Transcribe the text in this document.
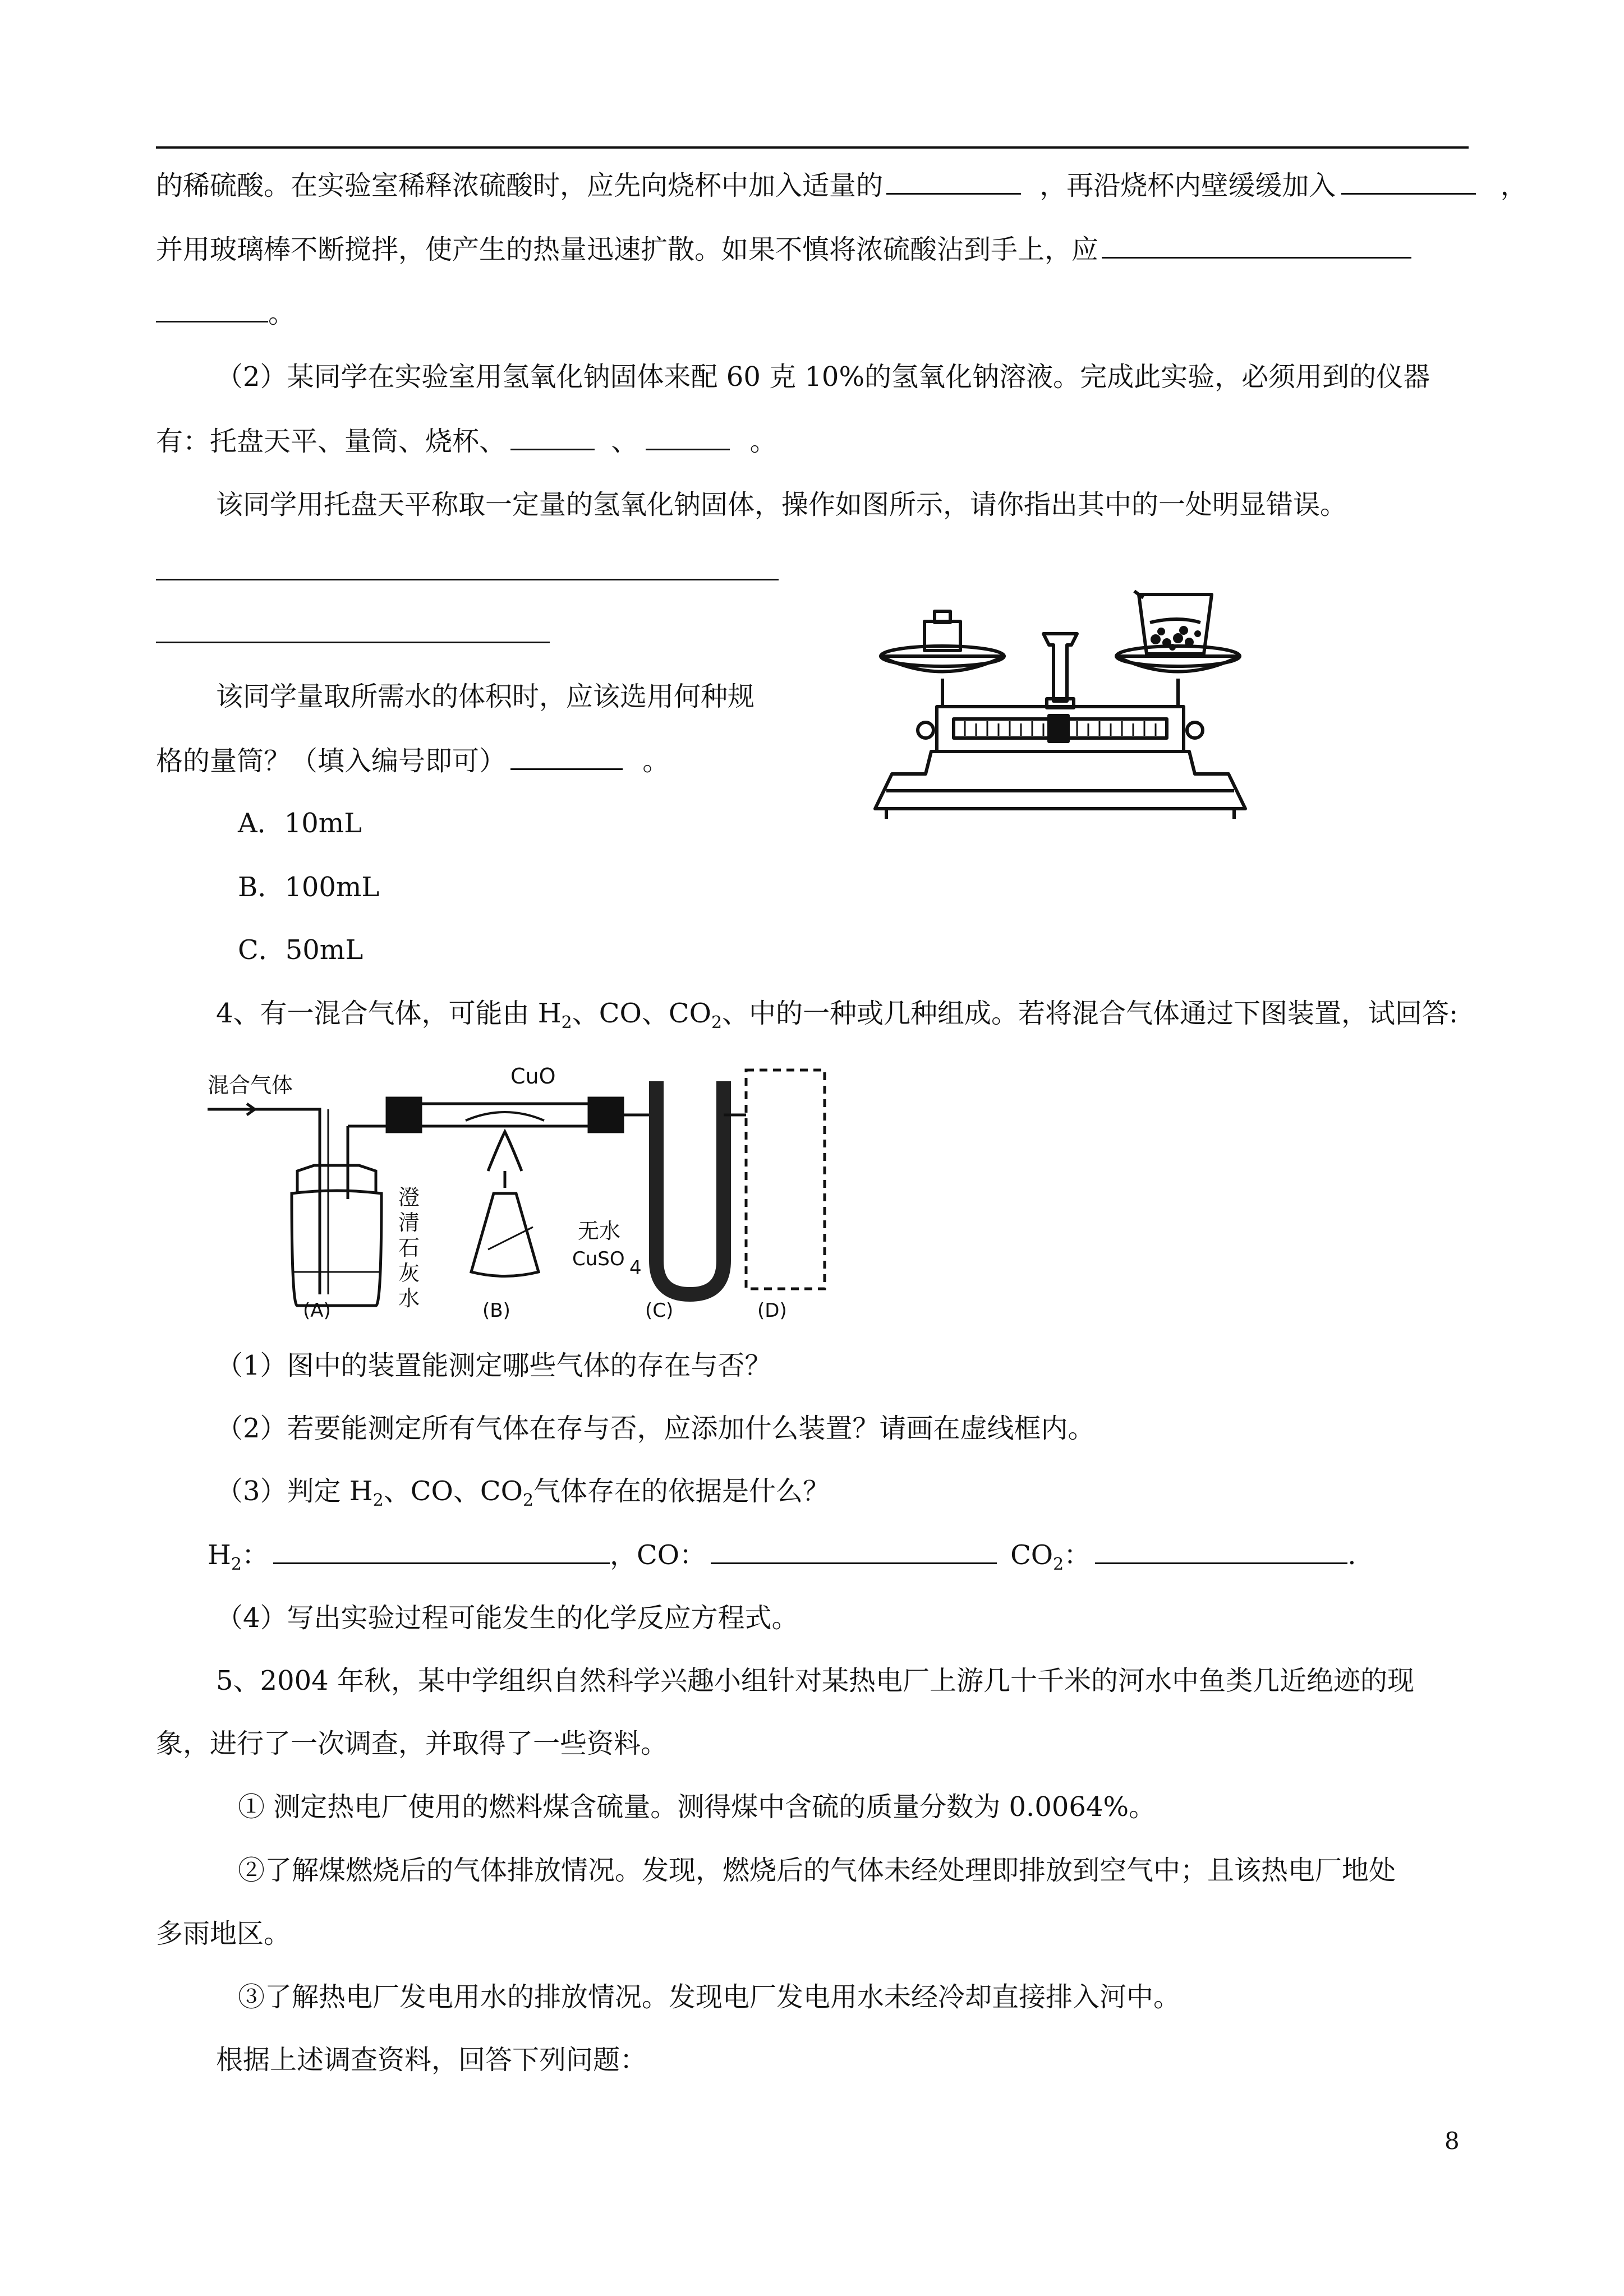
的稀硫酸。在实验室稀释浓硫酸时，应先向烧杯中加入适量的	，再沿烧杯内壁缓缓加入	，
并用玻璃棒不断搅拌，使产生的热量迅速扩散。如果不慎将浓硫酸沾到手上，应
。
（2）某同学在实验室用氢氧化钠固体来配 60 克 10%的氢氧化钠溶液。完成此实验，必须用到的仪器
有：托盘天平、量筒、烧杯、	、	。
该同学用托盘天平称取一定量的氢氧化钠固体，操作如图所示，请你指出其中的一处明显错误。
该同学量取所需水的体积时，应该选用何种规
格的量筒？（填入编号即可）	。
A．10mL
B．100mL
C．50mL
4、有一混合气体，可能由 $H_2$、CO、$CO_2$、中的一种或几种组成。若将混合气体通过下图装置，试回答:
混合气体	CuO
澄
清
石
灰
水
无水
CuSO 4
(A)	(B)	(C)	(D)
（1）图中的装置能测定哪些气体的存在与否？
（2）若要能测定所有气体在存与否，应添加什么装置？请画在虚线框内。
（3）判定 $H_2$、CO、$CO_2$气体存在的依据是什么？
$H_2$：	，CO：	$CO_2$：	.
（4）写出实验过程可能发生的化学反应方程式。
5、2004 年秋，某中学组织自然科学兴趣小组针对某热电厂上游几十千米的河水中鱼类几近绝迹的现
象，进行了一次调查，并取得了一些资料。
① 测定热电厂使用的燃料煤含硫量。测得煤中含硫的质量分数为 0.0064%。
②了解煤燃烧后的气体排放情况。发现，燃烧后的气体未经处理即排放到空气中；且该热电厂地处
多雨地区。
③了解热电厂发电用水的排放情况。发现电厂发电用水未经冷却直接排入河中。
根据上述调查资料，回答下列问题：
8
